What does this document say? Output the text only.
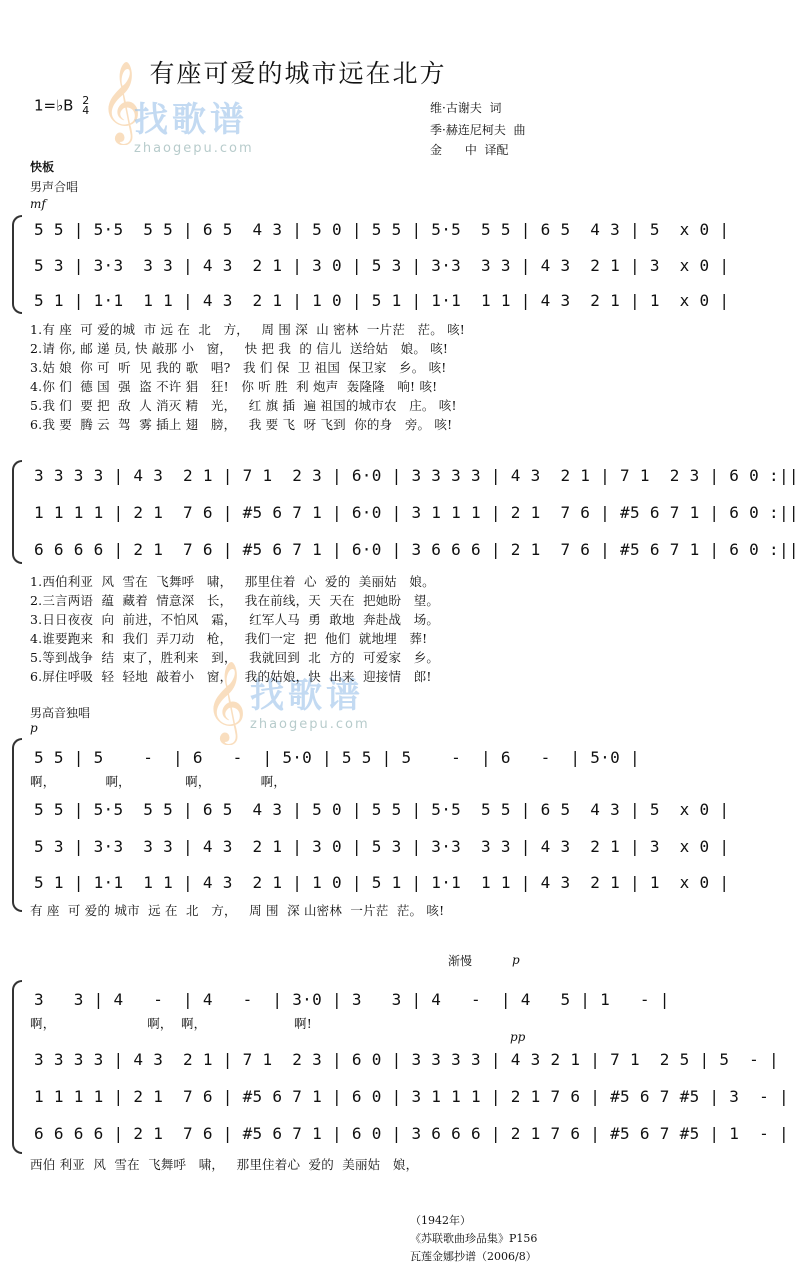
𝄞
找歌谱
zhaogepu.com
𝄞 找歌谱
zhaogepu.com
有座可爱的城市远在北方
1=♭B 2
4	维·古谢夫  词
季·赫连尼柯夫  曲
金      中  译配
快板
男声合唱
mf
5 5 | 5·5  5 5 | 6 5  4 3 | 5 0 | 5 5 | 5·5  5 5 | 6 5  4 3 | 5  x 0 |
5 3 | 3·3  3 3 | 4 3  2 1 | 3 0 | 5 3 | 3·3  3 3 | 4 3  2 1 | 3  x 0 |
5 1 | 1·1  1 1 | 4 3  2 1 | 1 0 | 5 1 | 1·1  1 1 | 4 3  2 1 | 1  x 0 |
1.有 座  可 爱的城  市 远 在  北   方，   周 围 深  山 密林  一片茫   茫。 咳!
2.请 你, 邮 递 员, 快 敲那 小   窗，   快 把 我  的 信儿  送给姑   娘。 咳!
3.姑 娘  你 可  听  见 我的 歌   唱?   我 们 保  卫 祖国  保卫家   乡。 咳!
4.你 们  德 国  强  盗 不许 猖   狂!   你 听 胜  利 炮声  轰隆隆   响! 咳!
5.我 们  要 把  敌  人 消灭 精   光，   红 旗 插  遍 祖国的城市农   庄。 咳!
6.我 要  腾 云  驾  雾 插上 翅   膀，   我 要 飞  呀 飞到  你的身   旁。 咳!
3 3 3 3 | 4 3  2 1 | 7 1  2 3 | 6·0 | 3 3 3 3 | 4 3  2 1 | 7 1  2 3 | 6 0 :||
1 1 1 1 | 2 1  7 6 | #5 6 7 1 | 6·0 | 3 1 1 1 | 2 1  7 6 | #5 6 7 1 | 6 0 :||
6 6 6 6 | 2 1  7 6 | #5 6 7 1 | 6·0 | 3 6 6 6 | 2 1  7 6 | #5 6 7 1 | 6 0 :||
1.西伯利亚  风  雪在  飞舞呼   啸，   那里住着  心  爱的  美丽姑   娘。
2.三言两语  蕴  藏着  情意深   长，   我在前线，天  天在  把她盼   望。
3.日日夜夜  向  前进，不怕风   霜，   红军人马  勇  敢地  奔赴战   场。
4.谁要跑来  和  我们  弄刀动   枪，   我们一定  把  他们  就地埋   葬!
5.等到战争  结  束了，胜利来   到，   我就回到  北  方的  可爱家   乡。
6.屏住呼吸  轻  轻地  敲着小   窗，   我的姑娘，快  出来  迎接情   郎!
男高音独唱
p
5 5 | 5    -  | 6   -  | 5·0 | 5 5 | 5    -  | 6   -  | 5·0 |
啊，            啊，             啊，            啊，
5 5 | 5·5  5 5 | 6 5  4 3 | 5 0 | 5 5 | 5·5  5 5 | 6 5  4 3 | 5  x 0 |
5 3 | 3·3  3 3 | 4 3  2 1 | 3 0 | 5 3 | 3·3  3 3 | 4 3  2 1 | 3  x 0 |
5 1 | 1·1  1 1 | 4 3  2 1 | 1 0 | 5 1 | 1·1  1 1 | 4 3  2 1 | 1  x 0 |
有 座  可 爱的 城市  远 在  北   方，   周 围  深 山密林  一片茫  茫。 咳!
渐慢	p
3   3 | 4   -  | 4   -  | 3·0 | 3   3 | 4   -  | 4   5 | 1   - |
啊，                      啊，  啊，                     啊!
pp
3 3 3 3 | 4 3  2 1 | 7 1  2 3 | 6 0 | 3 3 3 3 | 4 3 2 1 | 7 1  2 5 | 5  - |
1 1 1 1 | 2 1  7 6 | #5 6 7 1 | 6 0 | 3 1 1 1 | 2 1 7 6 | #5 6 7 #5 | 3  - |
6 6 6 6 | 2 1  7 6 | #5 6 7 1 | 6 0 | 3 6 6 6 | 2 1 7 6 | #5 6 7 #5 | 1  - |
西伯 利亚  风  雪在  飞舞呼   啸，   那里住着心  爱的  美丽姑   娘，
（1942年）
《苏联歌曲珍品集》P156
瓦莲金娜抄谱（2006/8）
